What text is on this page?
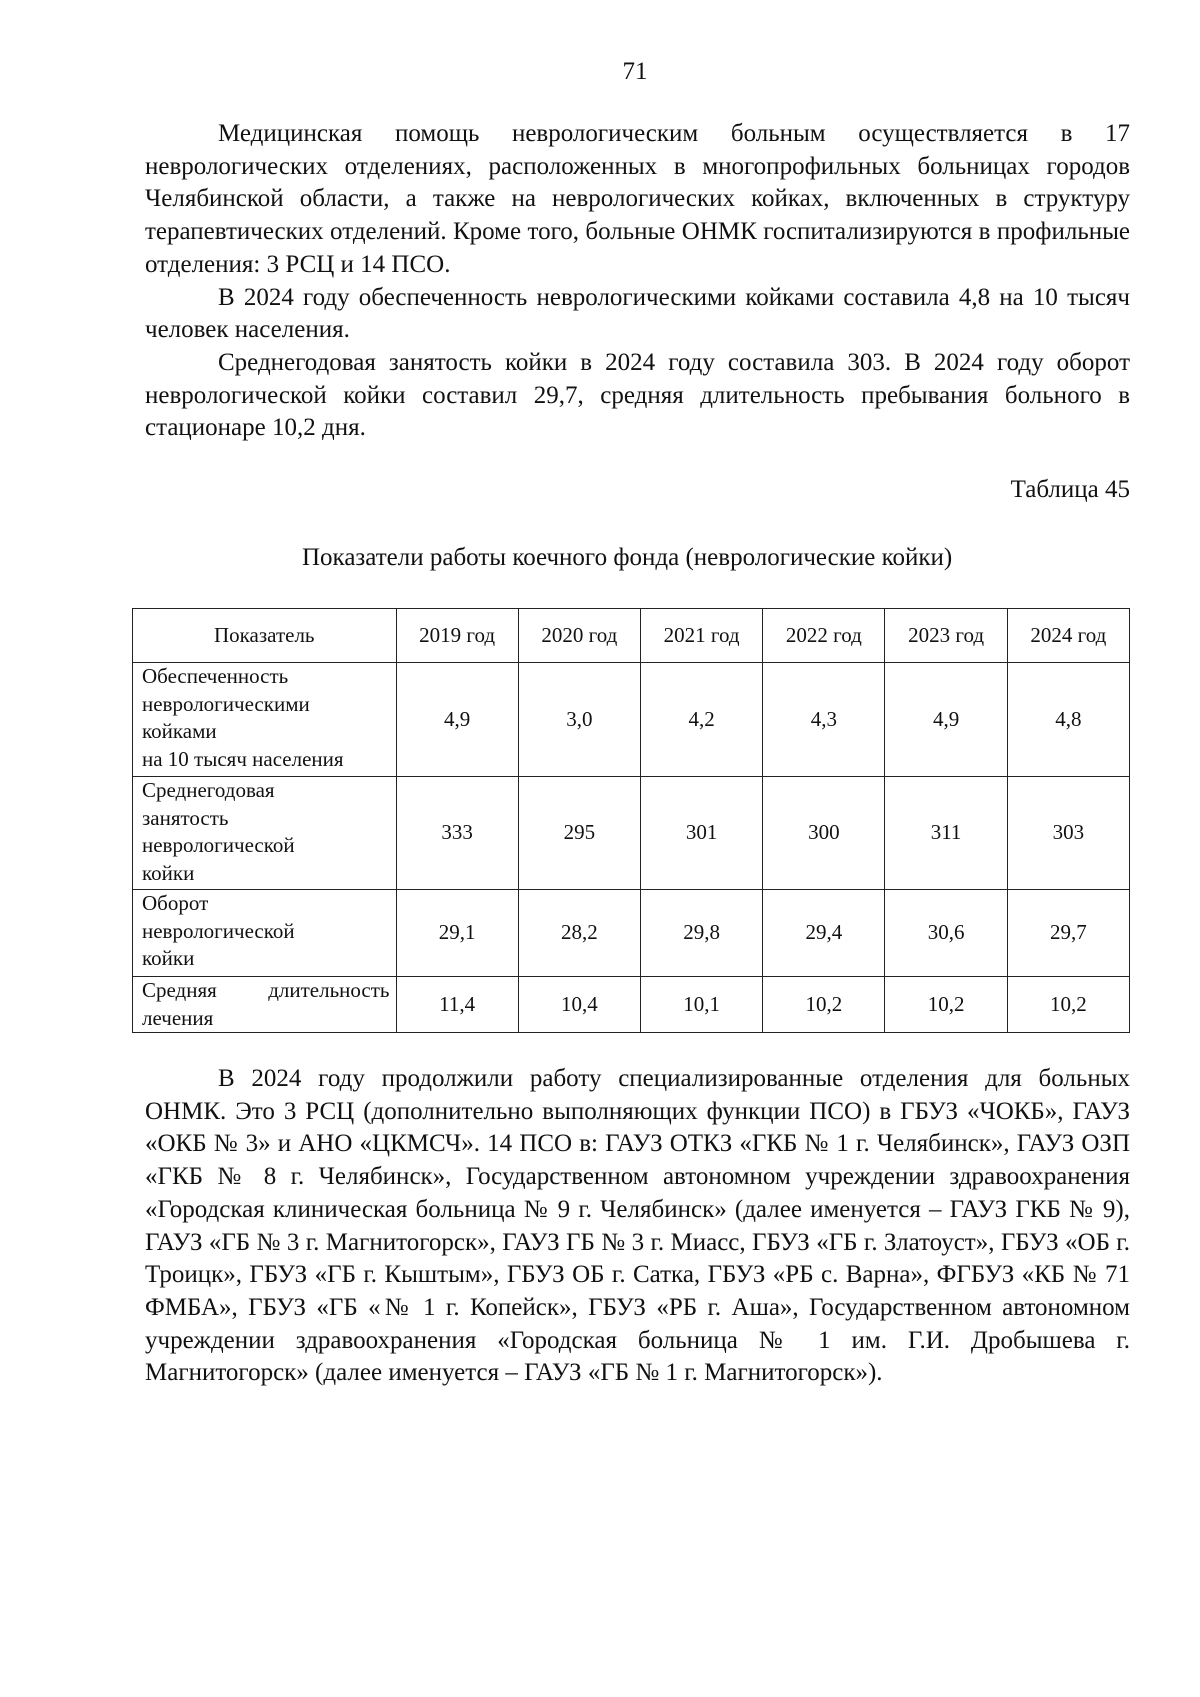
71

Медицинская помощь неврологическим больным осуществляется в 17 неврологических отделениях, расположенных в многопрофильных больницах городов Челябинской области, а также на неврологических койках, включенных в структуру терапевтических отделений. Кроме того, больные ОНМК госпитализируются в профильные отделения: 3 РСЦ и 14 ПСО.

В 2024 году обеспеченность неврологическими койками составила 4,8 на 10 тысяч человек населения.

Среднегодовая занятость койки в 2024 году составила 303. В 2024 году оборот неврологической койки составил 29,7, средняя длительность пребывания больного в стационаре 10,2 дня.

Таблица 45
Показатели работы коечного фонда (неврологические койки)
Показатель	2019 год	2020 год	2021 год	2022 год	2023 год	2024 год

Обеспеченность
неврологическими
койками
на 10 тысяч населения	4,9	3,0	4,2	4,3	4,9	4,8

Среднегодовая
занятость
неврологической
койки	333	295	301	300	311	303

Оборот
неврологической
койки	29,1	28,2	29,8	29,4	30,6	29,7

Средняя длительность лечения	11,4	10,4	10,1	10,2	10,2	10,2

В 2024 году продолжили работу специализированные отделения для больных ОНМК. Это 3 РСЦ (дополнительно выполняющих функции ПСО) в ГБУЗ «ЧОКБ», ГАУЗ «ОКБ № 3» и АНО «ЦКМСЧ». 14 ПСО в: ГАУЗ ОТКЗ «ГКБ № 1 г. Челябинск», ГАУЗ ОЗП «ГКБ № 8 г. Челябинск», Государственном автономном учреждении здравоохранения «Городская клиническая больница № 9 г. Челябинск» (далее именуется – ГАУЗ ГКБ № 9), ГАУЗ «ГБ № 3 г. Магнитогорск», ГАУЗ ГБ № 3 г. Миасс, ГБУЗ «ГБ г. Златоуст», ГБУЗ «ОБ г. Троицк», ГБУЗ «ГБ г. Кыштым», ГБУЗ ОБ г. Сатка, ГБУЗ «РБ с. Варна», ФГБУЗ «КБ № 71 ФМБА», ГБУЗ «ГБ «№ 1 г. Копейск», ГБУЗ «РБ г. Аша», Государственном автономном учреждении здравоохранения «Городская больница № 1 им. Г.И. Дробышева г. Магнитогорск» (далее именуется – ГАУЗ «ГБ № 1 г. Магнитогорск»).
